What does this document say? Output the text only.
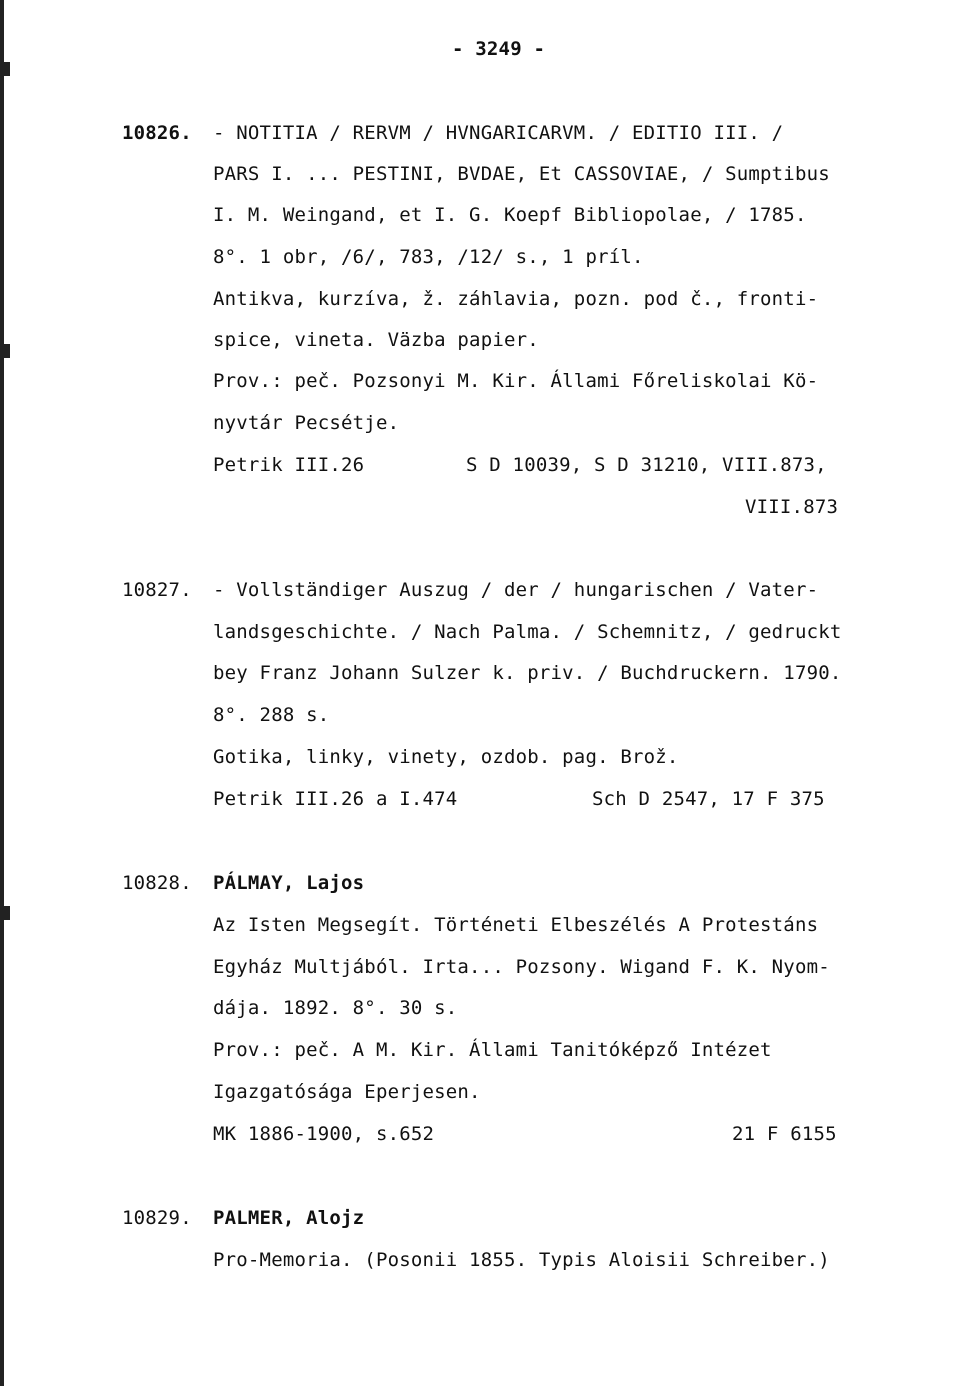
- 3249 -
10826. - NOTITIA / RERVM / HVNGARICARVM. / EDITIO III. /
PARS I. ... PESTINI, BVDAE, Et CASSOVIAE, / Sumptibus
I. M. Weingand, et I. G. Koepf Bibliopolae, / 1785.
8°. 1 obr, /6/, 783, /12/ s., 1 príl.
Antikva, kurzíva, ž. záhlavia, pozn. pod č., fronti-
spice, vineta. Väzba papier.
Prov.: peč. Pozsonyi M. Kir. Állami Főreliskolai Kö-
nyvtár Pecsétje.
Petrik III.26	S D 10039, S D 31210, VIII.873,
VIII.873
10827. - Vollständiger Auszug / der / hungarischen / Vater-
landsgeschichte. / Nach Palma. / Schemnitz, / gedruckt
bey Franz Johann Sulzer k. priv. / Buchdruckern. 1790.
8°. 288 s.
Gotika, linky, vinety, ozdob. pag. Brož.
Petrik III.26 a I.474	Sch D 2547, 17 F 375
10828. PÁLMAY, Lajos
Az Isten Megsegít. Történeti Elbeszélés A Protestáns
Egyház Multjából. Irta... Pozsony. Wigand F. K. Nyom-
dája. 1892. 8°. 30 s.
Prov.: peč. A M. Kir. Állami Tanitóképző Intézet
Igazgatósága Eperjesen.
MK 1886-1900, s.652	21 F 6155
10829. PALMER, Alojz
Pro-Memoria. (Posonii 1855. Typis Aloisii Schreiber.)
